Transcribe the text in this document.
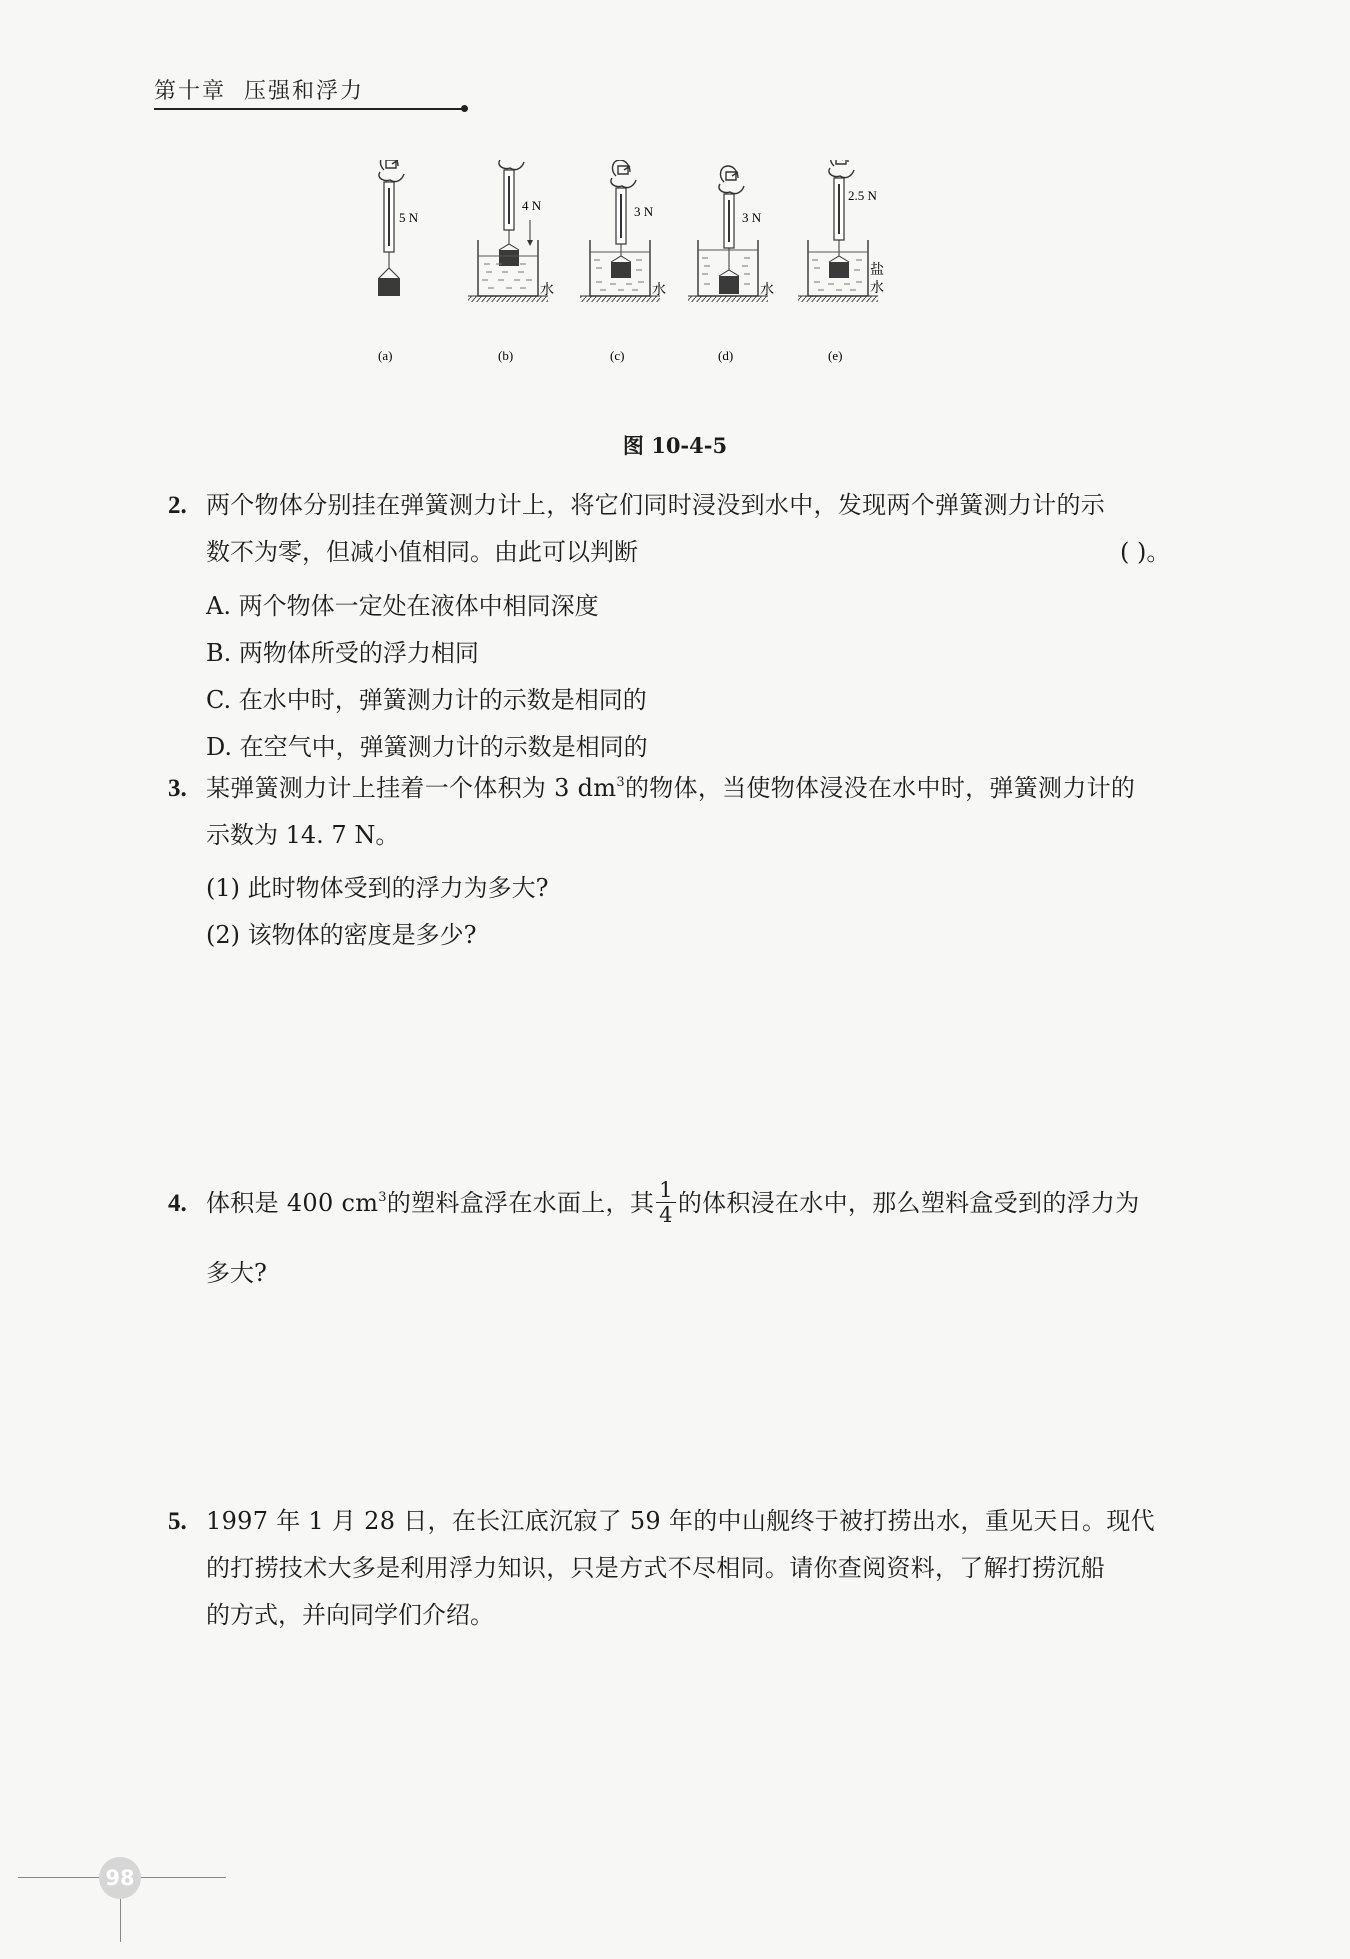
第十章 压强和浮力
5 N
(a)
4 N
水
(b)
3 N
水
(c)
3 N
水
(d)
2.5 N
盐
水
(e)
图 10-4-5
2. 两个物体分别挂在弹簧测力计上，将它们同时浸没到水中，发现两个弹簧测力计的示
数不为零，但减小值相同。由此可以判断	( )。
A. 两个物体一定处在液体中相同深度
B. 两物体所受的浮力相同
C. 在水中时，弹簧测力计的示数是相同的
D. 在空气中，弹簧测力计的示数是相同的
3. 某弹簧测力计上挂着一个体积为 3 $dm^3$的物体，当使物体浸没在水中时，弹簧测力计的
示数为 14. 7 N。
(1) 此时物体受到的浮力为多大?
(2) 该物体的密度是多少?
4. 体积是 400 $cm^3$的塑料盒浮在水面上，其 $\frac{1}{4}$ 的体积浸在水中，那么塑料盒受到的浮力为
多大?
5. 1997 年 1 月 28 日，在长江底沉寂了 59 年的中山舰终于被打捞出水，重见天日。现代
的打捞技术大多是利用浮力知识，只是方式不尽相同。请你查阅资料，了解打捞沉船
的方式，并向同学们介绍。
98
